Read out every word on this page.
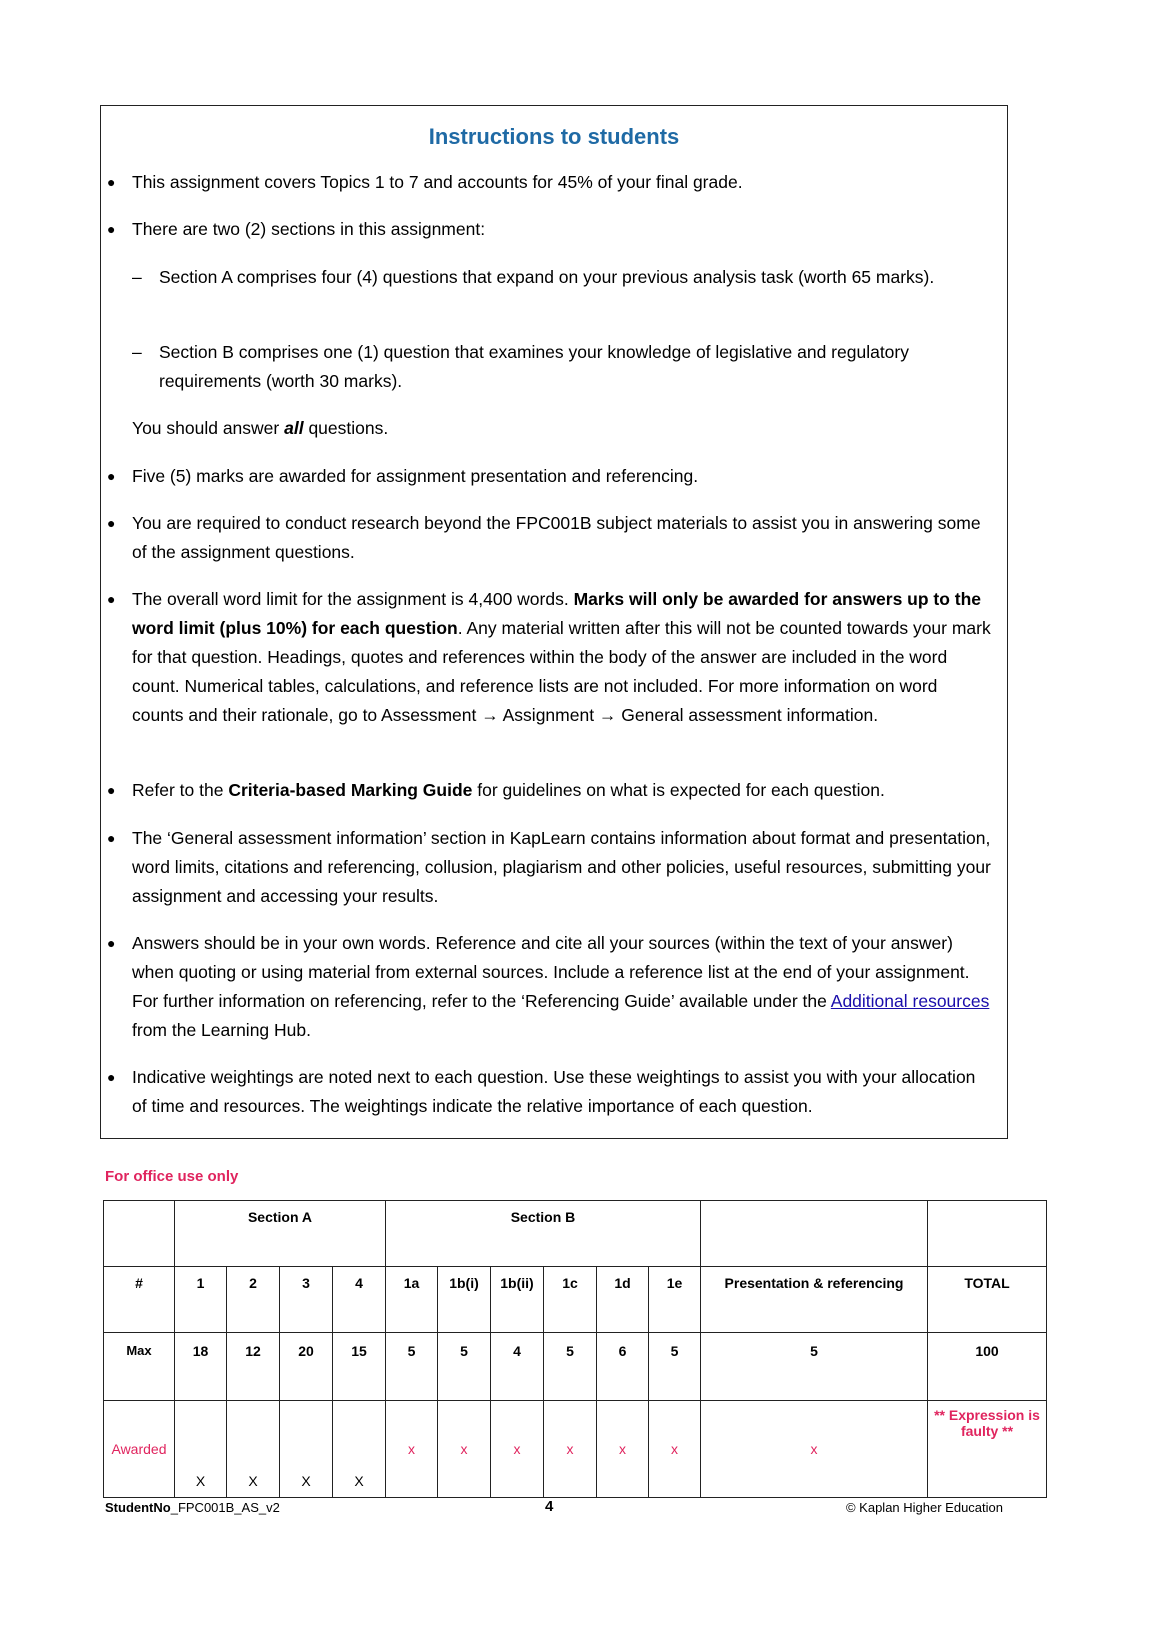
Instructions to students
● This assignment covers Topics 1 to 7 and accounts for 45% of your final grade.
● There are two (2) sections in this assignment:
– Section A comprises four (4) questions that expand on your previous analysis task (worth 65 marks).
– Section B comprises one (1) question that examines your knowledge of legislative and regulatory requirements (worth 30 marks).
You should answer all questions.
● Five (5) marks are awarded for assignment presentation and referencing.
● You are required to conduct research beyond the FPC001B subject materials to assist you in answering some of the assignment questions.
● The overall word limit for the assignment is 4,400 words. Marks will only be awarded for answers up to the word limit (plus 10%) for each question. Any material written after this will not be counted towards your mark for that question. Headings, quotes and references within the body of the answer are included in the word count. Numerical tables, calculations, and reference lists are not included. For more information on word counts and their rationale, go to Assessment → Assignment → General assessment information.
● Refer to the Criteria-based Marking Guide for guidelines on what is expected for each question.
● The ‘General assessment information’ section in KapLearn contains information about format and presentation, word limits, citations and referencing, collusion, plagiarism and other policies, useful resources, submitting your assignment and accessing your results.
● Answers should be in your own words. Reference and cite all your sources (within the text of your answer) when quoting or using material from external sources. Include a reference list at the end of your assignment. For further information on referencing, refer to the ‘Referencing Guide’ available under the Additional resources from the Learning Hub.
● Indicative weightings are noted next to each question. Use these weightings to assist you with your allocation of time and resources. The weightings indicate the relative importance of each question.
For office use only
	Section A				Section B							
#	1	2	3	4	1a	1b(i)	1b(ii)	1c	1d	1e	Presentation & referencing	TOTAL
Max	18	12	20	15	5	5	4	5	6	5	5	100
Awarded	X	X	X	X	x	x	x	x	x	x	x	** Expression is faulty **
StudentNo_FPC001B_AS_v2	4	© Kaplan Higher Education
